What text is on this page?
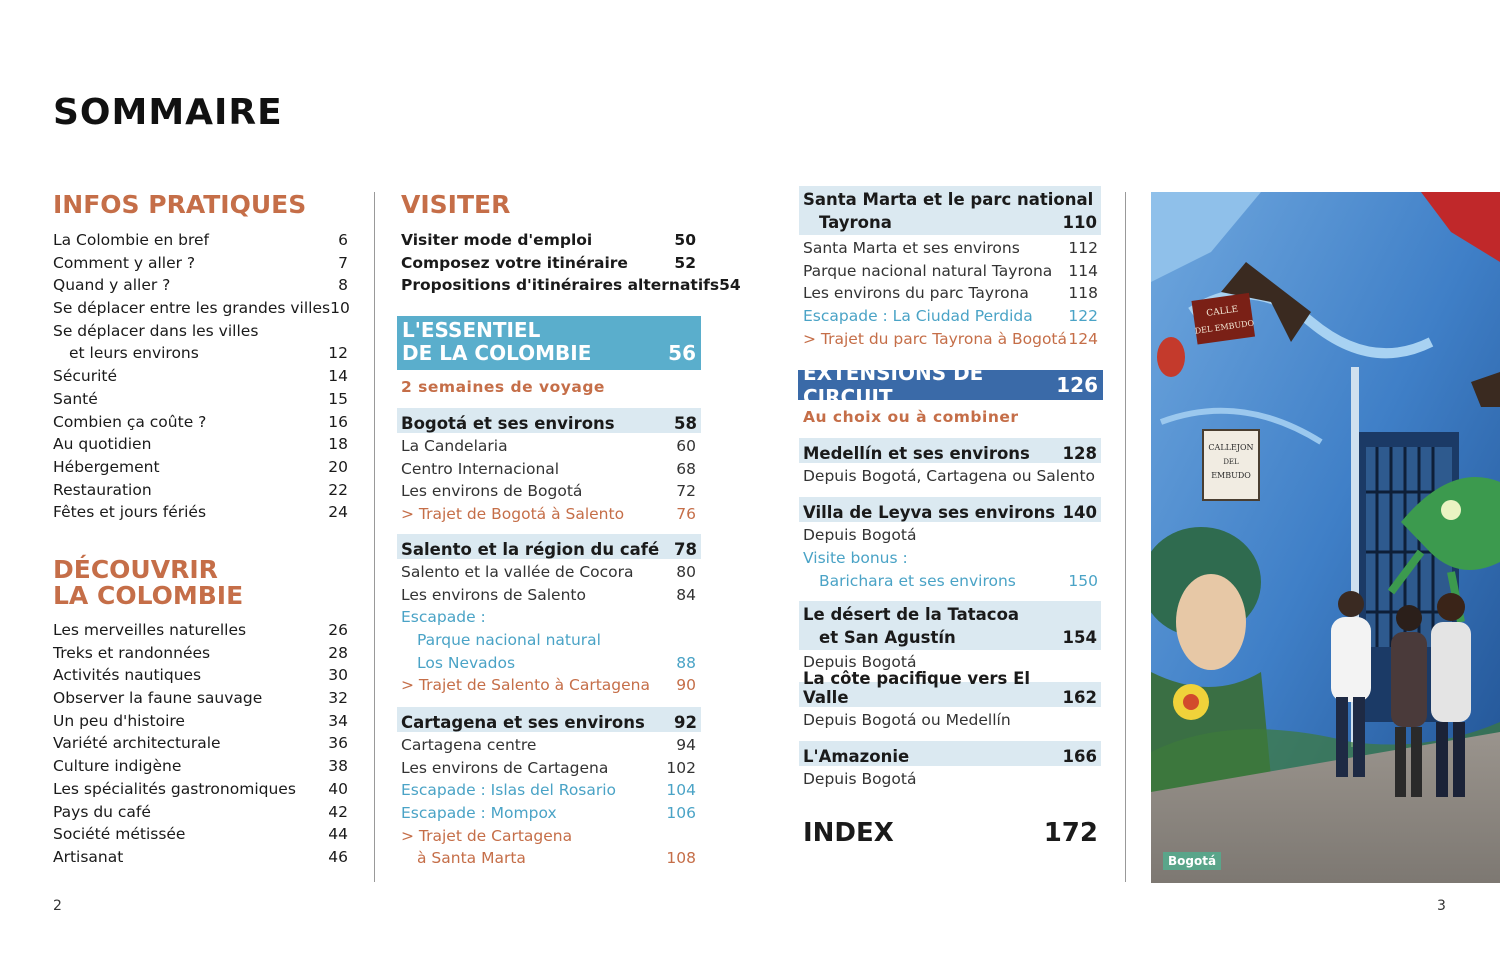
SOMMAIRE
INFOS PRATIQUES
La Colombie en bref	6
Comment y aller ?	7
Quand y aller ?	8
Se déplacer entre les grandes villes 10
Se déplacer dans les villes
et leurs environs	12
Sécurité	14
Santé	15
Combien ça coûte ?	16
Au quotidien	18
Hébergement	20
Restauration	22
Fêtes et jours fériés	24
DÉCOUVRIR
LA COLOMBIE
Les merveilles naturelles	26
Treks et randonnées	28
Activités nautiques	30
Observer la faune sauvage	32
Un peu d'histoire	34
Variété architecturale	36
Culture indigène	38
Les spécialités gastronomiques 40
Pays du café	42
Société métissée	44
Artisanat	46
VISITER
Visiter mode d'emploi	50
Composez votre itinéraire	52
Propositions d'itinéraires alternatifs 54
L'ESSENTIEL
DE LA COLOMBIE	56
2 semaines de voyage
Bogotá et ses environs	58
La Candelaria	60
Centro Internacional	68
Les environs de Bogotá	72
> Trajet de Bogotá à Salento	76
Salento et la région du café 78
Salento et la vallée de Cocora	80
Les environs de Salento	84
Escapade :
Parque nacional natural
Los Nevados	88
> Trajet de Salento à Cartagena 90
Cartagena et ses environs 92
Cartagena centre	94
Les environs de Cartagena	102
Escapade : Islas del Rosario	104
Escapade : Mompox	106
> Trajet de Cartagena
à Santa Marta	108
Santa Marta et le parc national
Tayrona	110
Santa Marta et ses environs	112
Parque nacional natural Tayrona 114
Les environs du parc Tayrona	118
Escapade : La Ciudad Perdida 122
> Trajet du parc Tayrona à Bogotá 124
EXTENSIONS DE CIRCUIT	126
Au choix ou à combiner
Medellín et ses environs 128
Depuis Bogotá, Cartagena ou Salento
Villa de Leyva ses environs 140
Depuis Bogotá
Visite bonus :
Barichara et ses environs	150
Le désert de la Tatacoa
et San Agustín	154
Depuis Bogotá
La côte pacifique vers El Valle	162
Depuis Bogotá ou Medellín
L'Amazonie	166
Depuis Bogotá
INDEX	172
CALLE
DEL EMBUDO
CALLEJON
DEL
EMBUDO
Bogotá
2	3
